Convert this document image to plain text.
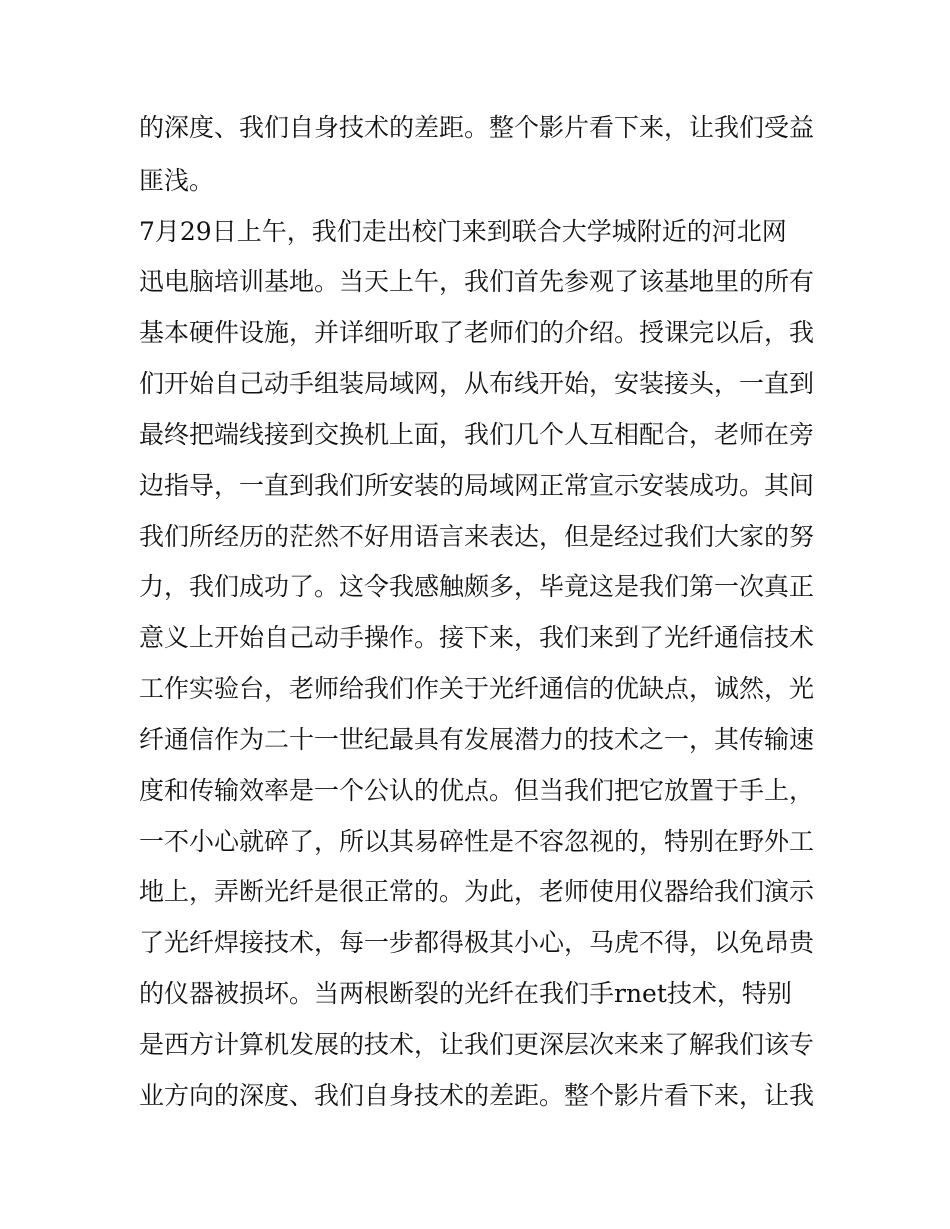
的深度、我们自身技术的差距。整个影片看下来，让我们受益
匪浅。
7月29日上午，我们走出校门来到联合大学城附近的河北网
迅电脑培训基地。当天上午，我们首先参观了该基地里的所有
基本硬件设施，并详细听取了老师们的介绍。授课完以后，我
们开始自己动手组装局域网，从布线开始，安装接头，一直到
最终把端线接到交换机上面，我们几个人互相配合，老师在旁
边指导，一直到我们所安装的局域网正常宣示安装成功。其间
我们所经历的茫然不好用语言来表达，但是经过我们大家的努
力，我们成功了。这令我感触颇多，毕竟这是我们第一次真正
意义上开始自己动手操作。接下来，我们来到了光纤通信技术
工作实验台，老师给我们作关于光纤通信的优缺点，诚然，光
纤通信作为二十一世纪最具有发展潜力的技术之一，其传输速
度和传输效率是一个公认的优点。但当我们把它放置于手上，
一不小心就碎了，所以其易碎性是不容忽视的，特别在野外工
地上，弄断光纤是很正常的。为此，老师使用仪器给我们演示
了光纤焊接技术，每一步都得极其小心，马虎不得，以免昂贵
的仪器被损坏。当两根断裂的光纤在我们手rnet技术，特别
是西方计算机发展的技术，让我们更深层次来来了解我们该专
业方向的深度、我们自身技术的差距。整个影片看下来，让我
